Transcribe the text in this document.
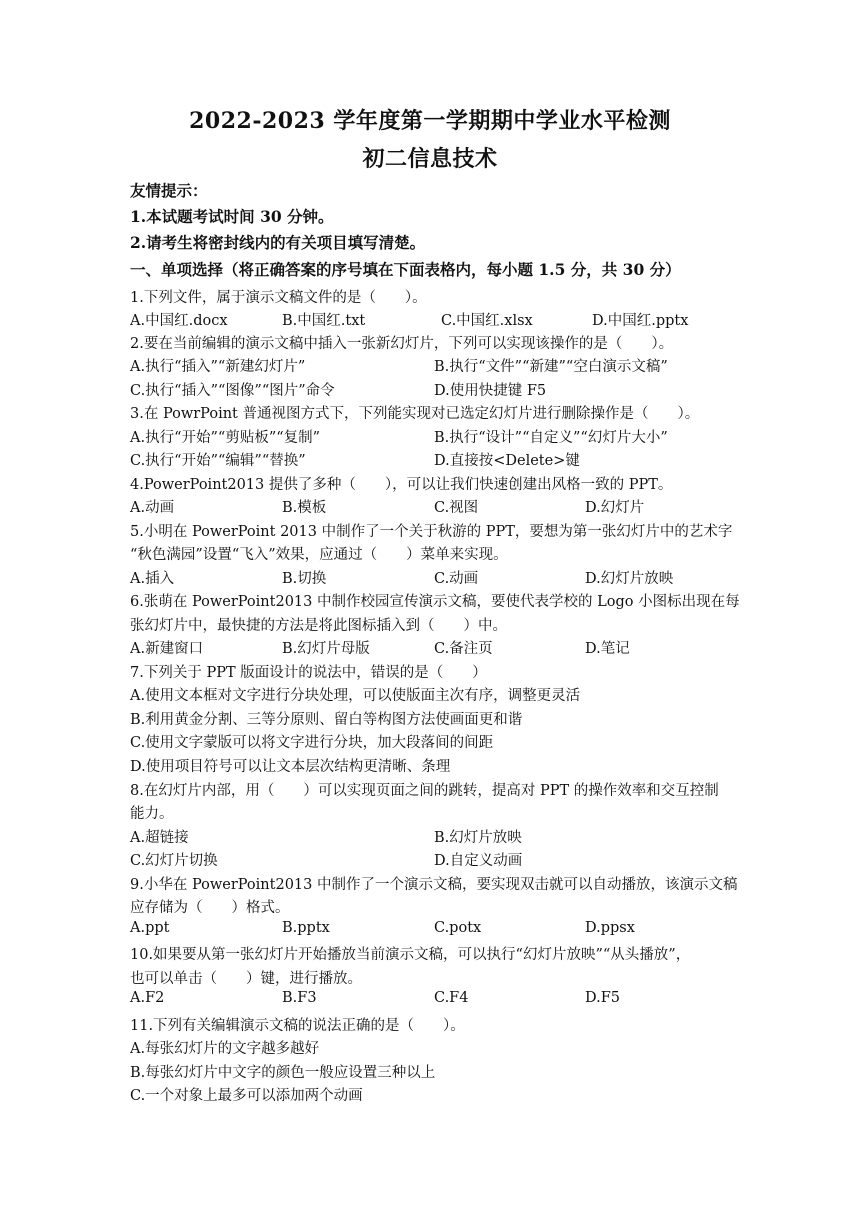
2022-2023 学年度第一学期期中学业水平检测
初二信息技术
友情提示：
1.本试题考试时间 30 分钟。
2.请考生将密封线内的有关项目填写清楚。
一、单项选择（将正确答案的序号填在下面表格内，每小题 1.5 分，共 30 分）
1.下列文件，属于演示文稿文件的是（　　）。
A.中国红.docx	B.中国红.txt	C.中国红.xlsx	D.中国红.pptx
2.要在当前编辑的演示文稿中插入一张新幻灯片，下列可以实现该操作的是（　　）。
A.执行“插入”“新建幻灯片”	B.执行“文件”“新建”“空白演示文稿”
C.执行“插入”“图像”“图片”命令	D.使用快捷键 F5
3.在 PowrPoint 普通视图方式下，下列能实现对已选定幻灯片进行删除操作是（　　）。
A.执行“开始”“剪贴板”“复制”	B.执行“设计”“自定义”“幻灯片大小”
C.执行“开始”“编辑”“替换”	D.直接按<Delete>键
4.PowerPoint2013 提供了多种（　　），可以让我们快速创建出风格一致的 PPT。
A.动画	B.模板	C.视图	D.幻灯片
5.小明在 PowerPoint 2013 中制作了一个关于秋游的 PPT，要想为第一张幻灯片中的艺术字
“秋色满园”设置“飞入”效果，应通过（　　）菜单来实现。
A.插入	B.切换	C.动画	D.幻灯片放映
6.张萌在 PowerPoint2013 中制作校园宣传演示文稿，要使代表学校的 Logo 小图标出现在每
张幻灯片中，最快捷的方法是将此图标插入到（　　）中。
A.新建窗口	B.幻灯片母版	C.备注页	D.笔记
7.下列关于 PPT 版面设计的说法中，错误的是（　　）
A.使用文本框对文字进行分块处理，可以使版面主次有序，调整更灵活
B.利用黄金分割、三等分原则、留白等构图方法使画面更和谐
C.使用文字蒙版可以将文字进行分块，加大段落间的间距
D.使用项目符号可以让文本层次结构更清晰、条理
8.在幻灯片内部，用（　　）可以实现页面之间的跳转，提高对 PPT 的操作效率和交互控制
能力。
A.超链接	B.幻灯片放映
C.幻灯片切换	D.自定义动画
9.小华在 PowerPoint2013 中制作了一个演示文稿，要实现双击就可以自动播放，该演示文稿
应存储为（　　）格式。
A.ppt	B.pptx	C.potx	D.ppsx
10.如果要从第一张幻灯片开始播放当前演示文稿，可以执行“幻灯片放映”“从头播放”，
也可以单击（　　）键，进行播放。
A.F2	B.F3	C.F4	D.F5
11.下列有关编辑演示文稿的说法正确的是（　　）。
A.每张幻灯片的文字越多越好
B.每张幻灯片中文字的颜色一般应设置三种以上
C.一个对象上最多可以添加两个动画
